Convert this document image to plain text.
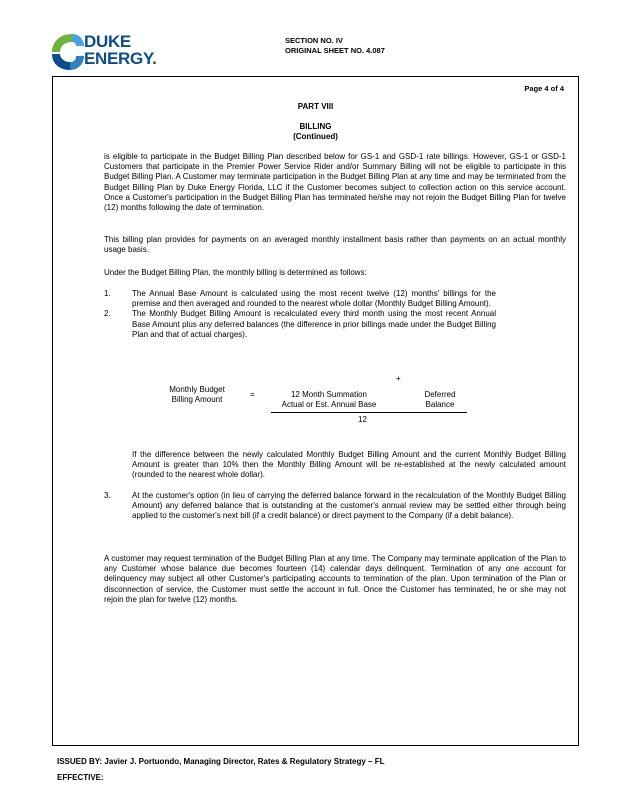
DUKE
ENERGY.
SECTION NO. IV
ORIGINAL SHEET NO. 4.087
Page 4 of 4
PART VIII
BILLING
(Continued)
is eligible to participate in the Budget Billing Plan described below for GS-1 and GSD-1 rate billings. However, GS-1 or GSD-1 Customers that participate in the Premier Power Service Rider and/or Summary Billing will not be eligible to participate in this Budget Billing Plan. A Customer may terminate participation in the Budget Billing Plan at any time and may be terminated from the Budget Billing Plan by Duke Energy Florida, LLC if the Customer becomes subject to collection action on this service account. Once a Customer's participation in the Budget Billing Plan has terminated he/she may not rejoin the Budget Billing Plan for twelve (12) months following the date of termination.
This billing plan provides for payments on an averaged monthly installment basis rather than payments on an actual monthly usage basis.
Under the Budget Billing Plan, the monthly billing is determined as follows:
1.	The Annual Base Amount is calculated using the most recent twelve (12) months' billings for the premise and then averaged and rounded to the nearest whole dollar (Monthly Budget Billing Amount).
2.	The Monthly Budget Billing Amount is recalculated every third month using the most recent Annual Base Amount plus any deferred balances (the difference in prior billings made under the Budget Billing Plan and that of actual charges).
+
Monthly Budget
Billing Amount
=	12 Month Summation
Actual or Est. Annual Base
Deferred
Balance
12
If the difference between the newly calculated Monthly Budget Billing Amount and the current Monthly Budget Billing Amount is greater than 10% then the Monthly Billing Amount will be re-established at the newly calculated amount (rounded to the nearest whole dollar).
3.	At the customer's option (in lieu of carrying the deferred balance forward in the recalculation of the Monthly Budget Billing Amount) any deferred balance that is outstanding at the customer's annual review may be settled either through being applied to the customer's next bill (if a credit balance) or direct payment to the Company (if a debit balance).
A customer may request termination of the Budget Billing Plan at any time. The Company may terminate application of the Plan to any Customer whose balance due becomes fourteen (14) calendar days delinquent. Termination of any one account for delinquency may subject all other Customer's participating accounts to termination of the plan. Upon termination of the Plan or disconnection of service, the Customer must settle the account in full. Once the Customer has terminated, he or she may not rejoin the plan for twelve (12) months.
ISSUED BY: Javier J. Portuondo, Managing Director, Rates & Regulatory Strategy – FL
EFFECTIVE:
